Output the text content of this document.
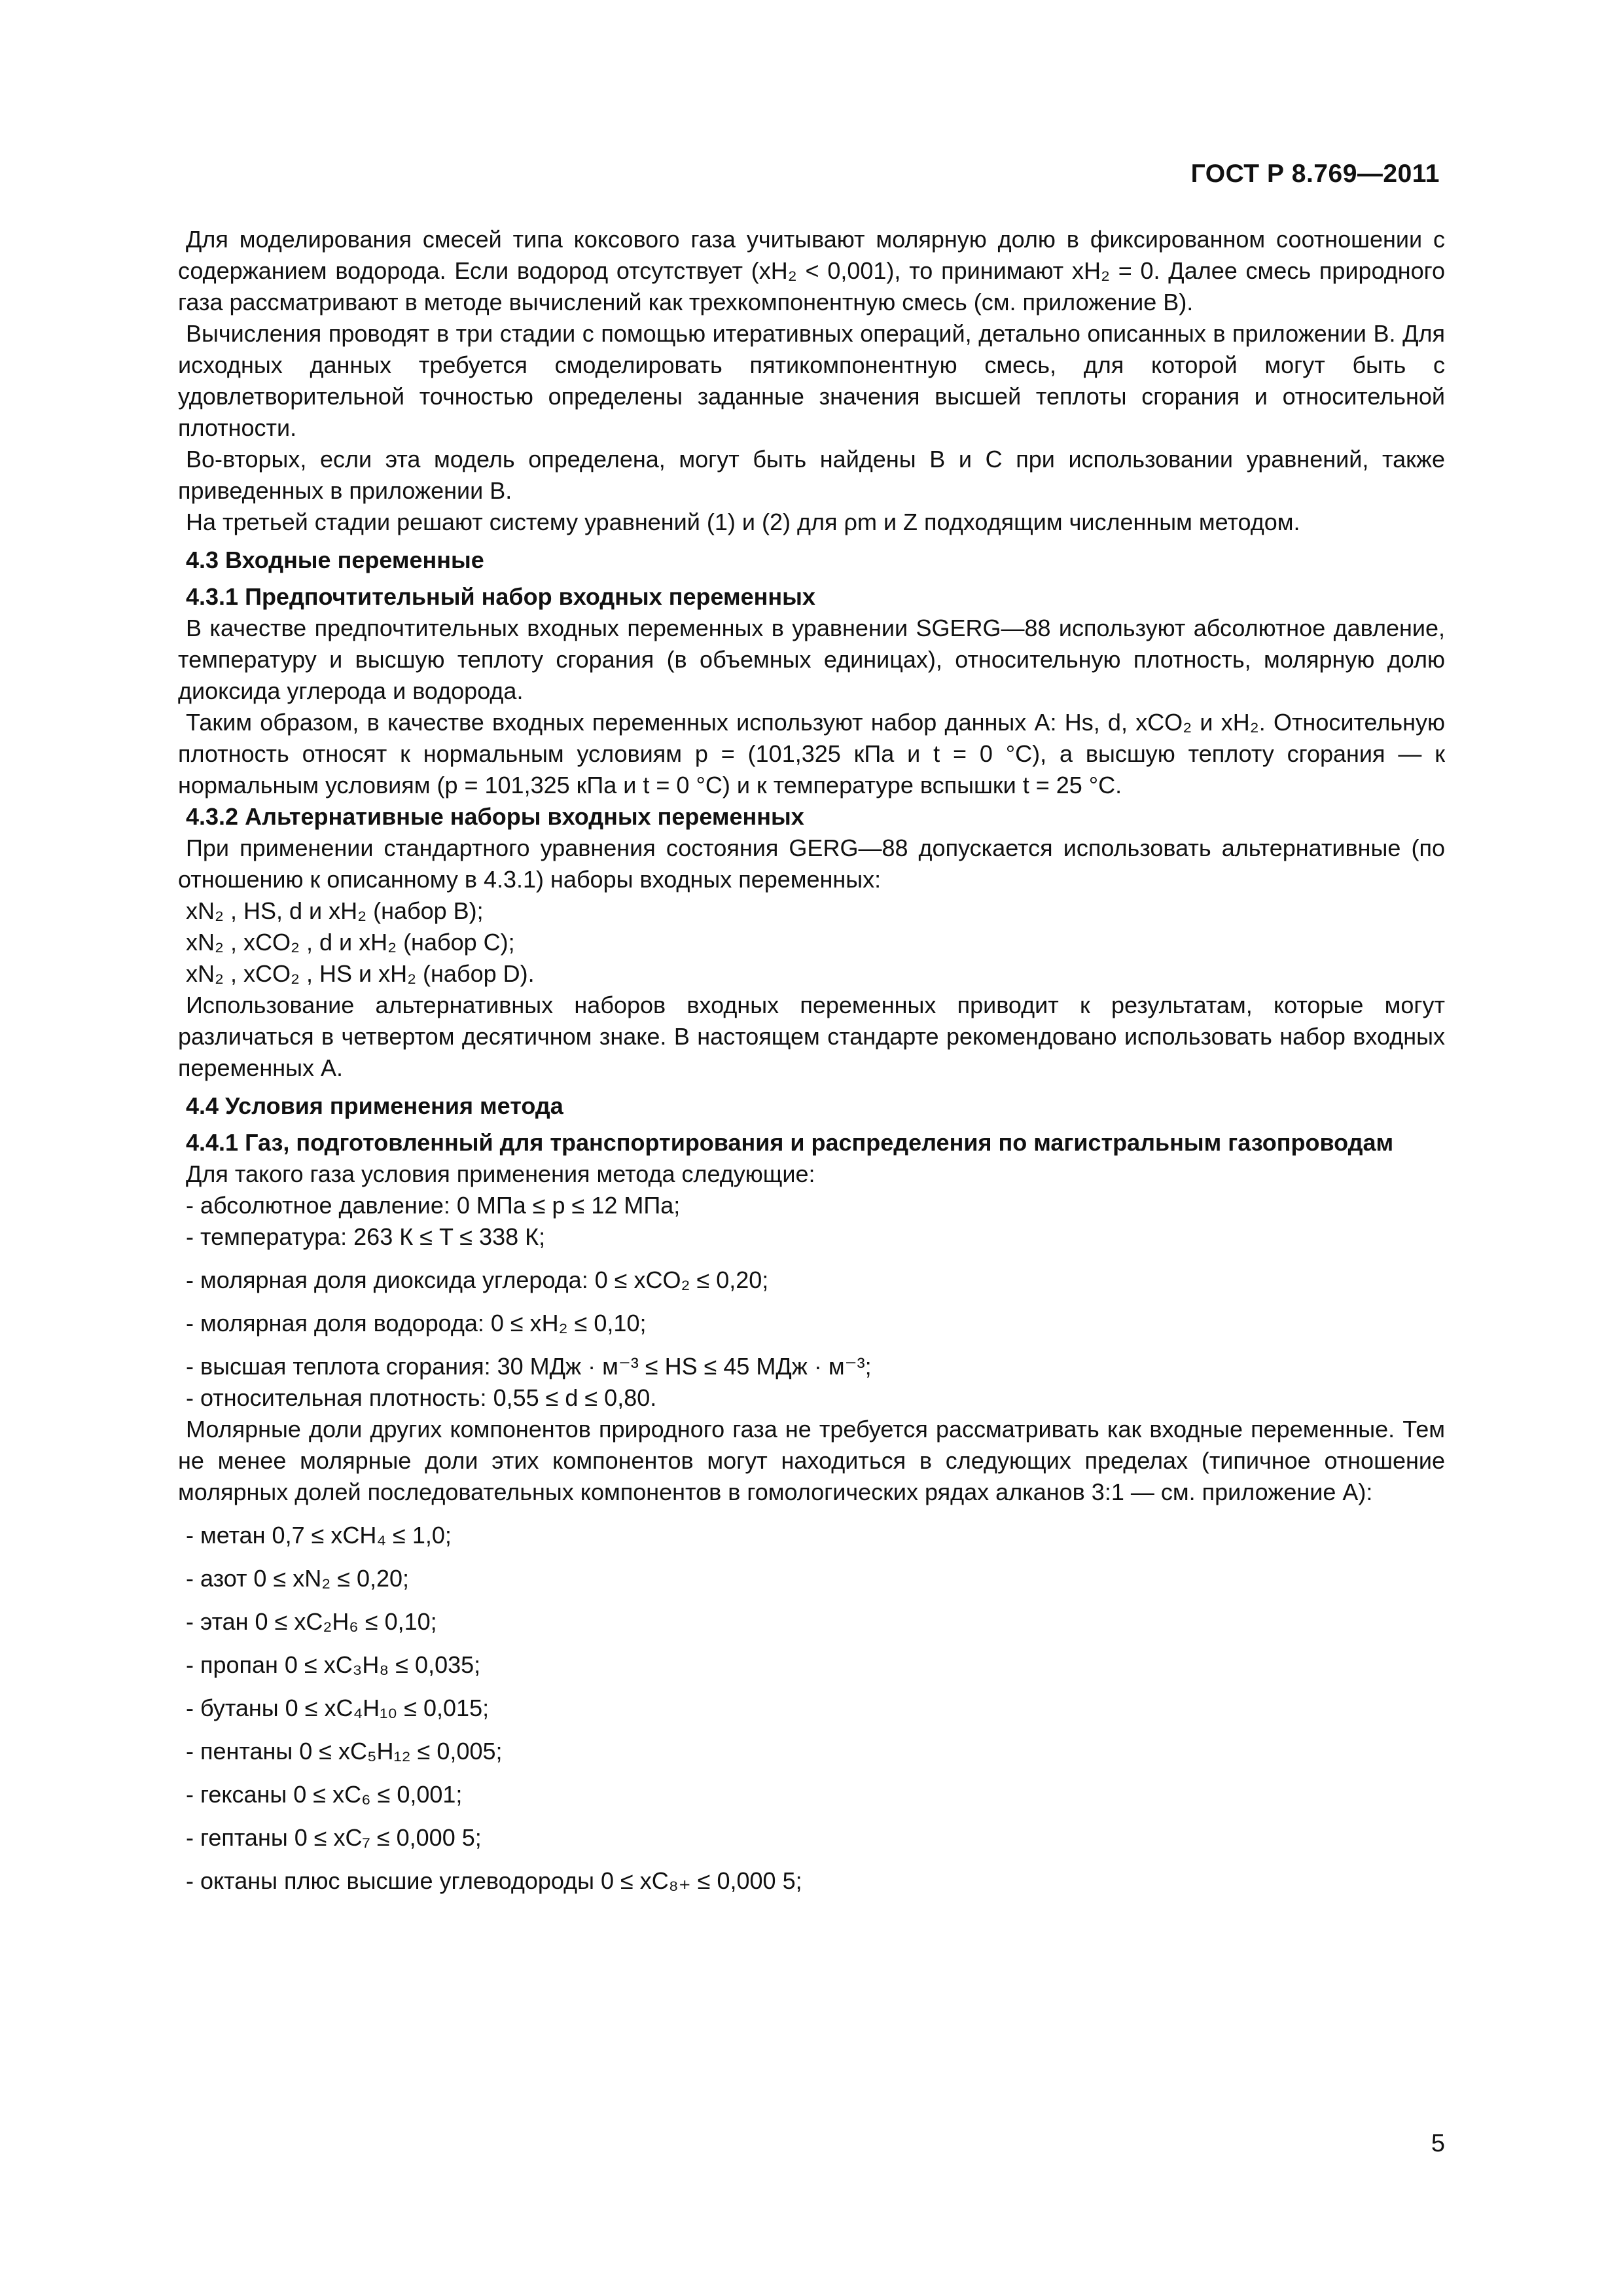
ГОСТ Р 8.769—2011

Для моделирования смесей типа коксового газа учитывают молярную долю в фиксированном соотношении с содержанием водорода. Если водород отсутствует (xH₂ < 0,001), то принимают xH₂ = 0. Далее смесь природного газа рассматривают в методе вычислений как трехкомпонентную смесь (см. приложение В).

Вычисления проводят в три стадии с помощью итеративных операций, детально описанных в приложении В. Для исходных данных требуется смоделировать пятикомпонентную смесь, для которой могут быть с удовлетворительной точностью определены заданные значения высшей теплоты сгорания и относительной плотности.

Во-вторых, если эта модель определена, могут быть найдены B и C при использовании уравнений, также приведенных в приложении В.

На третьей стадии решают систему уравнений (1) и (2) для ρm и Z подходящим численным методом.

4.3 Входные переменные
4.3.1 Предпочтительный набор входных переменных

В качестве предпочтительных входных переменных в уравнении SGERG—88 используют абсолютное давление, температуру и высшую теплоту сгорания (в объемных единицах), относительную плотность, молярную долю диоксида углерода и водорода.

Таким образом, в качестве входных переменных используют набор данных А: Hs, d, xCO₂ и xH₂. Относительную плотность относят к нормальным условиям p = (101,325 кПа и t = 0 °C), а высшую теплоту сгорания — к нормальным условиям (p = 101,325 кПа и t = 0 °C) и к температуре вспышки t = 25 °C.

4.3.2 Альтернативные наборы входных переменных

При применении стандартного уравнения состояния GERG—88 допускается использовать альтернативные (по отношению к описанному в 4.3.1) наборы входных переменных:

xN₂ , HS, d и xH₂ (набор B);

xN₂ , xCO₂ , d и xH₂ (набор C);

xN₂ , xCO₂ , HS и xH₂ (набор D).

Использование альтернативных наборов входных переменных приводит к результатам, которые могут различаться в четвертом десятичном знаке. В настоящем стандарте рекомендовано использовать набор входных переменных А.

4.4 Условия применения метода
4.4.1 Газ, подготовленный для транспортирования и распределения по магистральным газопроводам

Для такого газа условия применения метода следующие:

- абсолютное давление: 0 МПа ≤ p ≤ 12 МПа;
- температура: 263 К ≤ T ≤ 338 К;
- молярная доля диоксида углерода: 0 ≤ xCO₂ ≤ 0,20;
- молярная доля водорода: 0 ≤ xH₂ ≤ 0,10;
- высшая теплота сгорания: 30 МДж · м⁻³ ≤ HS ≤ 45 МДж · м⁻³;
- относительная плотность: 0,55 ≤ d ≤ 0,80.

Молярные доли других компонентов природного газа не требуется рассматривать как входные переменные. Тем не менее молярные доли этих компонентов могут находиться в следующих пределах (типичное отношение молярных долей последовательных компонентов в гомологических рядах алканов 3:1 — см. приложение А):

- метан 0,7 ≤ xCH₄ ≤ 1,0;
- азот 0 ≤ xN₂ ≤ 0,20;
- этан 0 ≤ xC₂H₆ ≤ 0,10;
- пропан 0 ≤ xC₃H₈ ≤ 0,035;
- бутаны 0 ≤ xC₄H₁₀ ≤ 0,015;
- пентаны 0 ≤ xC₅H₁₂ ≤ 0,005;
- гексаны 0 ≤ xC₆ ≤ 0,001;
- гептаны 0 ≤ xC₇ ≤ 0,000 5;
- октаны плюс высшие углеводороды 0 ≤ xC₈₊ ≤ 0,000 5;
5
